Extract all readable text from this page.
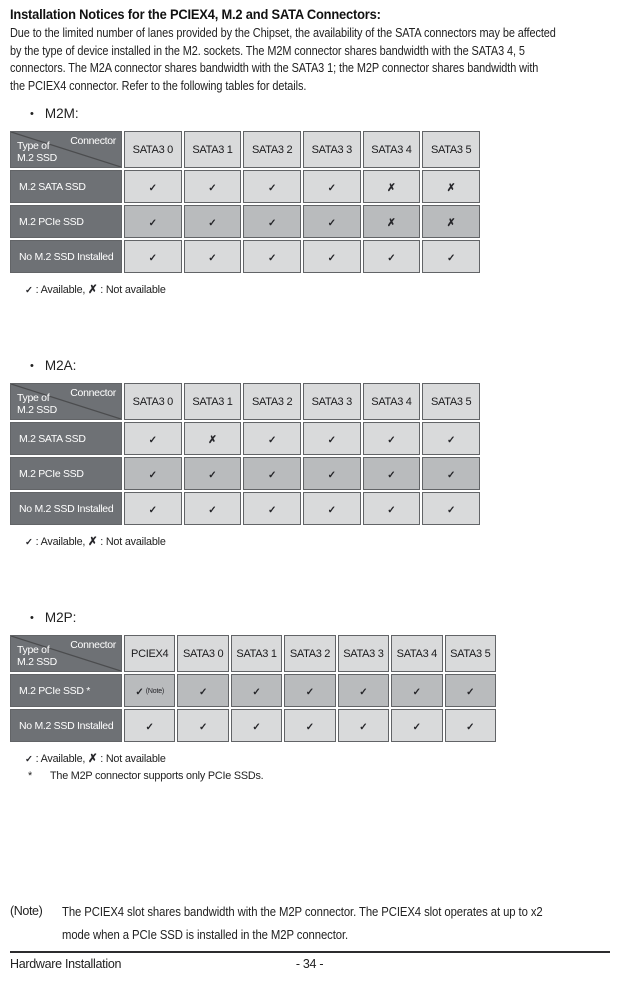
Installation Notices for the PCIEX4, M.2 and SATA Connectors:
Due to the limited number of lanes provided by the Chipset, the availability of the SATA connectors may be affected
by the type of device installed in the M2. sockets. The M2M connector shares bandwidth with the SATA3 4, 5
connectors. The M2A connector shares bandwidth with the SATA3 1; the M2P connector shares bandwidth with
the PCIEX4 connector. Refer to the following tables for details.
• M2M:
Connector
Type of
M.2 SSD	SATA3 0	SATA3 1	SATA3 2	SATA3 3	SATA3 4	SATA3 5
M.2 SATA SSD	✓	✓	✓	✓	✗	✗
M.2 PCIe SSD	✓	✓	✓	✓	✗	✗
No M.2 SSD Installed	✓	✓	✓	✓	✓	✓
✓ : Available, ✗ : Not available
• M2A:
Connector
Type of
M.2 SSD	SATA3 0	SATA3 1	SATA3 2	SATA3 3	SATA3 4	SATA3 5
M.2 SATA SSD	✓	✗	✓	✓	✓	✓
M.2 PCIe SSD	✓	✓	✓	✓	✓	✓
No M.2 SSD Installed	✓	✓	✓	✓	✓	✓
✓ : Available, ✗ : Not available
• M2P:
Connector
Type of
M.2 SSD	PCIEX4	SATA3 0	SATA3 1	SATA3 2	SATA3 3	SATA3 4	SATA3 5
M.2 PCIe SSD *	✓ (Note)	✓	✓	✓	✓	✓	✓
No M.2 SSD Installed	✓	✓	✓	✓	✓	✓	✓
✓ : Available, ✗ : Not available
* The M2P connector supports only PCIe SSDs.
(Note)	The PCIEX4 slot shares bandwidth with the M2P connector. The PCIEX4 slot operates at up to x2
mode when a PCIe SSD is installed in the M2P connector.
Hardware Installation	- 34 -
